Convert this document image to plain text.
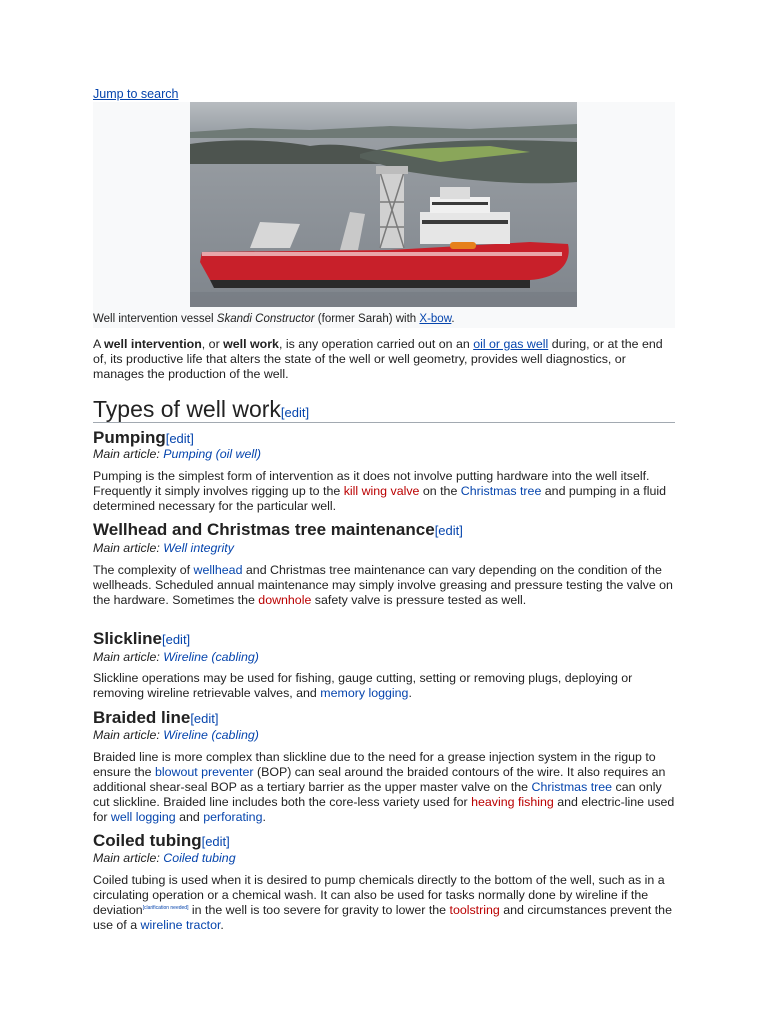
Jump to search
Well intervention vessel Skandi Constructor (former Sarah) with X-bow.

A well intervention, or well work, is any operation carried out on an oil or gas well during, or at the end of, its productive life that alters the state of the well or well geometry, provides well diagnostics, or manages the production of the well.

Types of well work[edit]
Pumping[edit]
Main article: Pumping (oil well)

Pumping is the simplest form of intervention as it does not involve putting hardware into the well itself. Frequently it simply involves rigging up to the kill wing valve on the Christmas tree and pumping in a fluid determined necessary for the particular well.

Wellhead and Christmas tree maintenance[edit]
Main article: Well integrity

The complexity of wellhead and Christmas tree maintenance can vary depending on the condition of the wellheads. Scheduled annual maintenance may simply involve greasing and pressure testing the valve on the hardware. Sometimes the downhole safety valve is pressure tested as well.

Slickline[edit]
Main article: Wireline (cabling)

Slickline operations may be used for fishing, gauge cutting, setting or removing plugs, deploying or removing wireline retrievable valves, and memory logging.

Braided line[edit]
Main article: Wireline (cabling)

Braided line is more complex than slickline due to the need for a grease injection system in the rigup to ensure the blowout preventer (BOP) can seal around the braided contours of the wire. It also requires an additional shear-seal BOP as a tertiary barrier as the upper master valve on the Christmas tree can only cut slickline. Braided line includes both the core-less variety used for heaving fishing and electric-line used for well logging and perforating.

Coiled tubing[edit]
Main article: Coiled tubing

Coiled tubing is used when it is desired to pump chemicals directly to the bottom of the well, such as in a circulating operation or a chemical wash. It can also be used for tasks normally done by wireline if the deviation[clarification needed] in the well is too severe for gravity to lower the toolstring and circumstances prevent the use of a wireline tractor.
